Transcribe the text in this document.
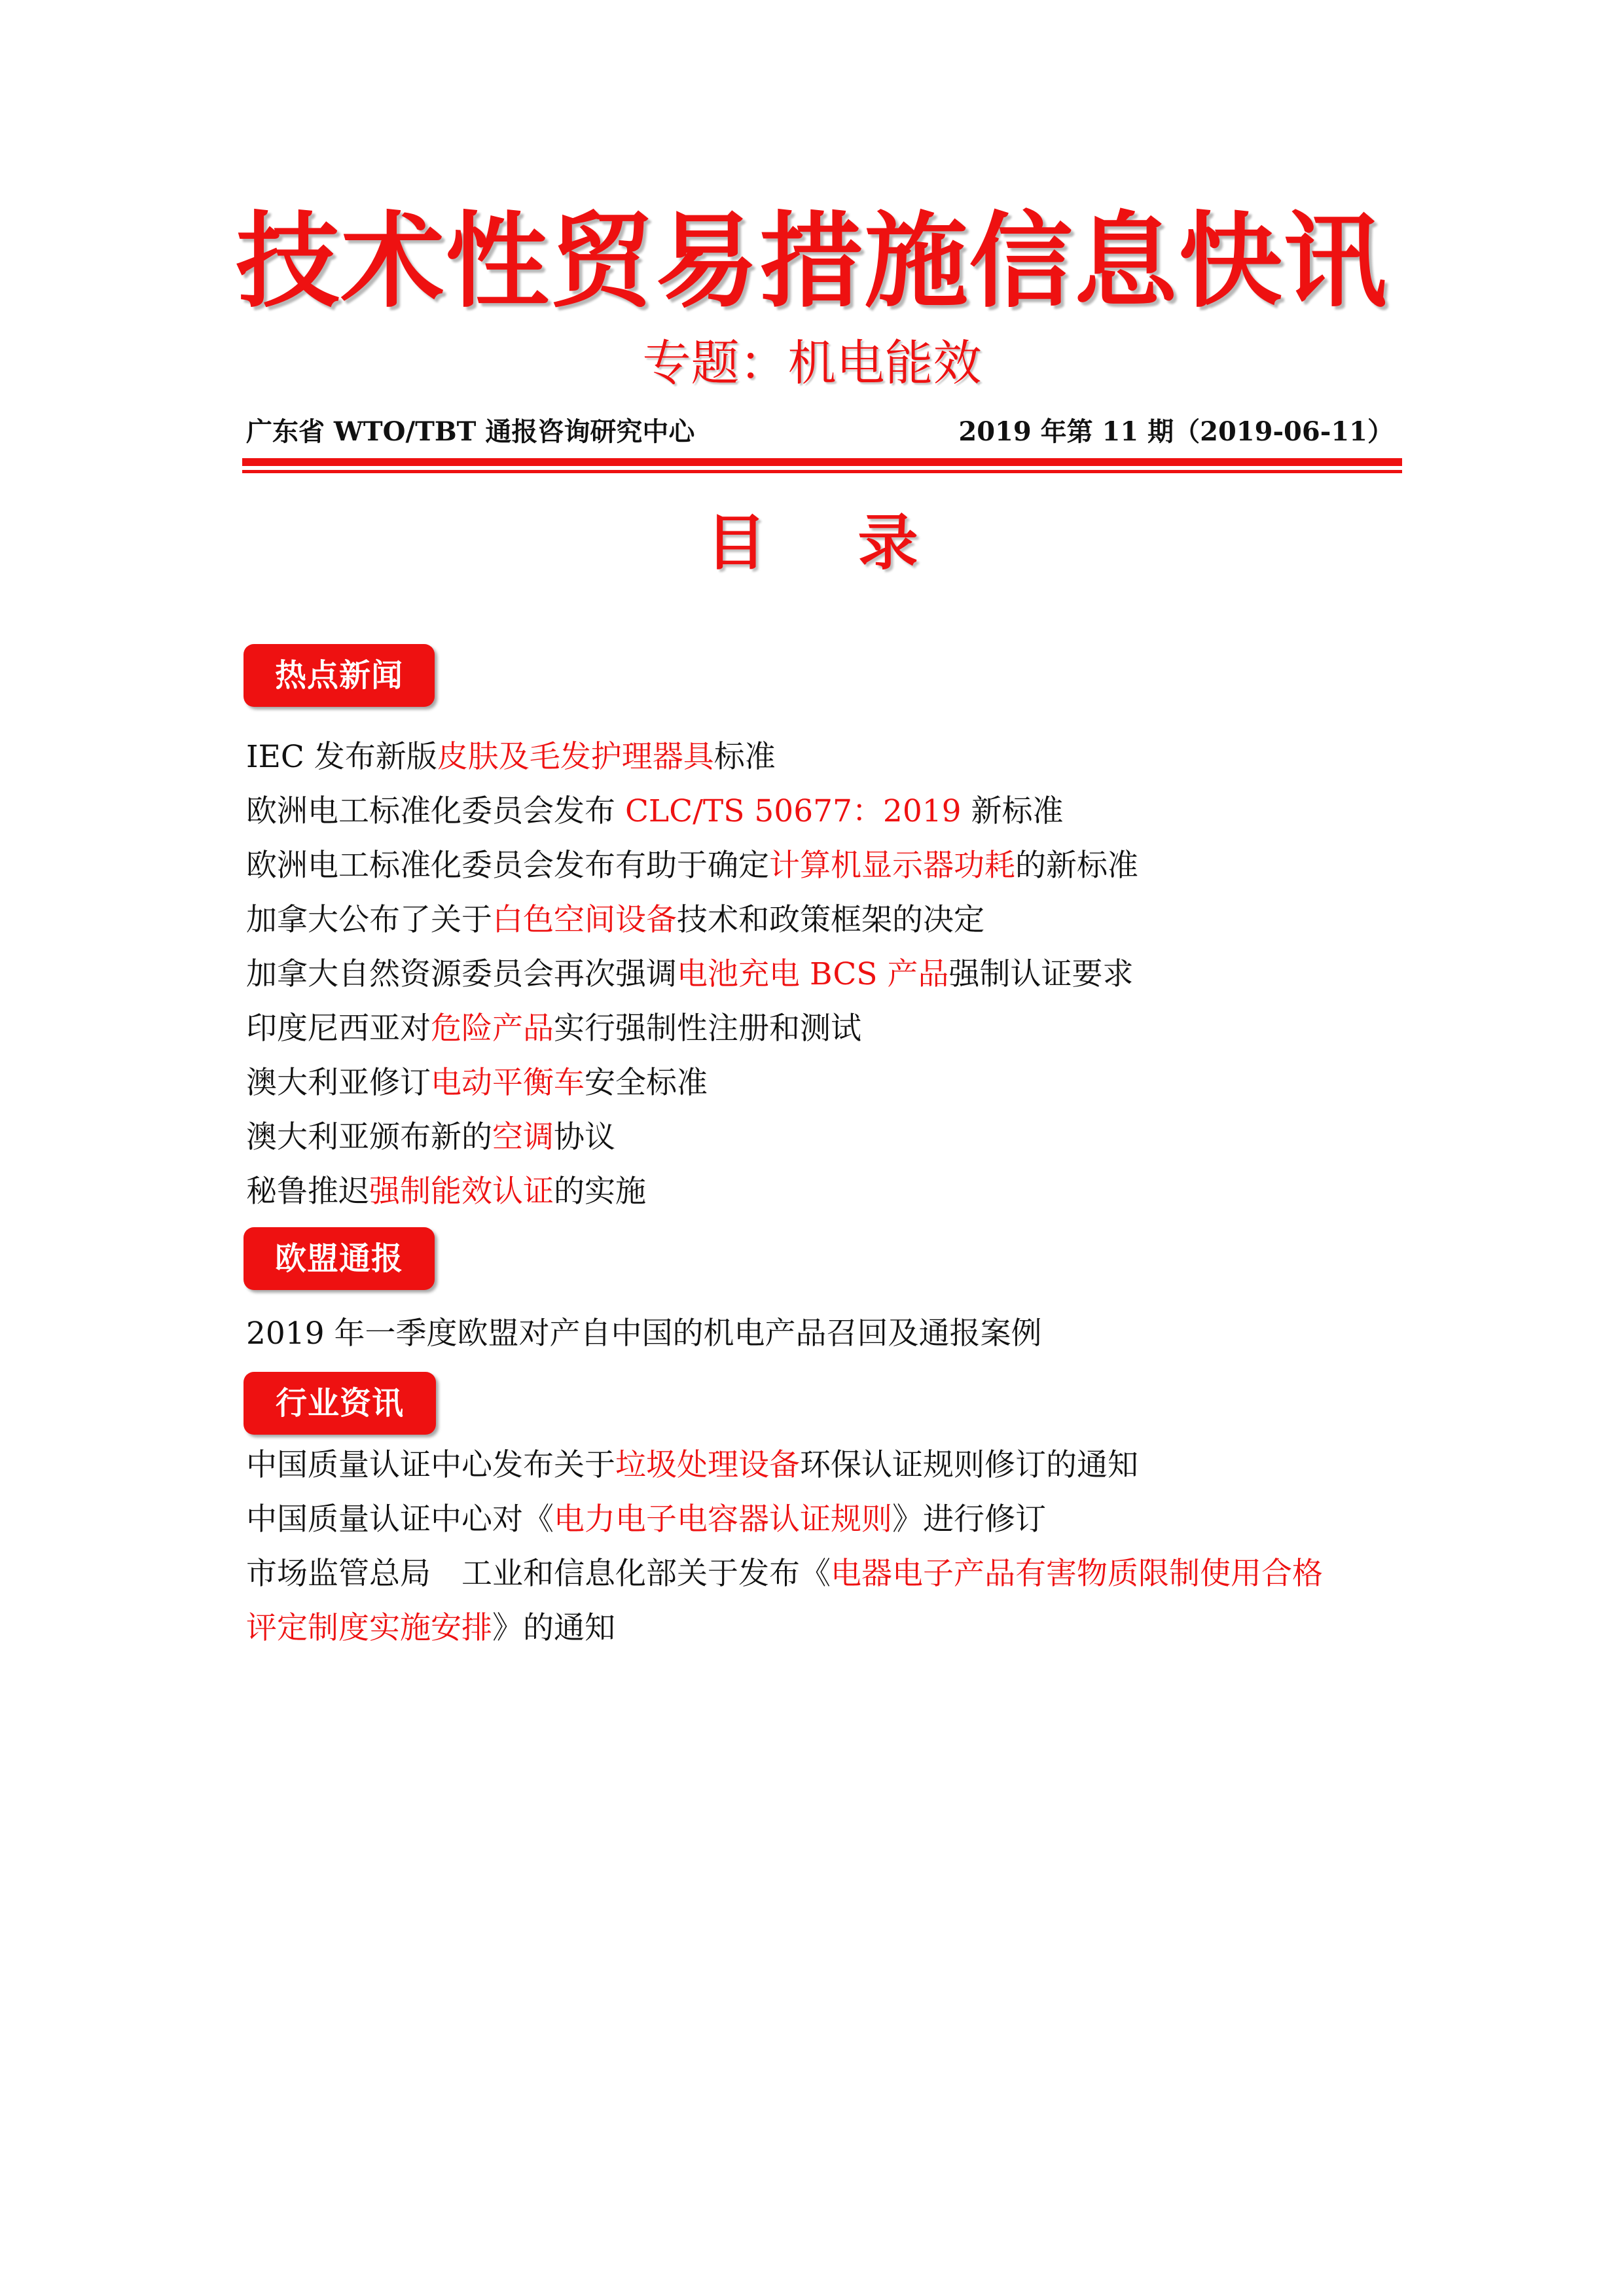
技术性贸易措施信息快讯
专题：机电能效
广东省 WTO/TBT 通报咨询研究中心	2019 年第 11 期（2019-06-11）
目 录
热点新闻
IEC 发布新版皮肤及毛发护理器具标准
欧洲电工标准化委员会发布 CLC/TS 50677：2019 新标准
欧洲电工标准化委员会发布有助于确定计算机显示器功耗的新标准
加拿大公布了关于白色空间设备技术和政策框架的决定
加拿大自然资源委员会再次强调电池充电 BCS 产品强制认证要求
印度尼西亚对危险产品实行强制性注册和测试
澳大利亚修订电动平衡车安全标准
澳大利亚颁布新的空调协议
秘鲁推迟强制能效认证的实施
欧盟通报
2019 年一季度欧盟对产自中国的机电产品召回及通报案例
行业资讯
中国质量认证中心发布关于垃圾处理设备环保认证规则修订的通知
中国质量认证中心对《电力电子电容器认证规则》进行修订
市场监管总局　工业和信息化部关于发布《电器电子产品有害物质限制使用合格
评定制度实施安排》的通知
